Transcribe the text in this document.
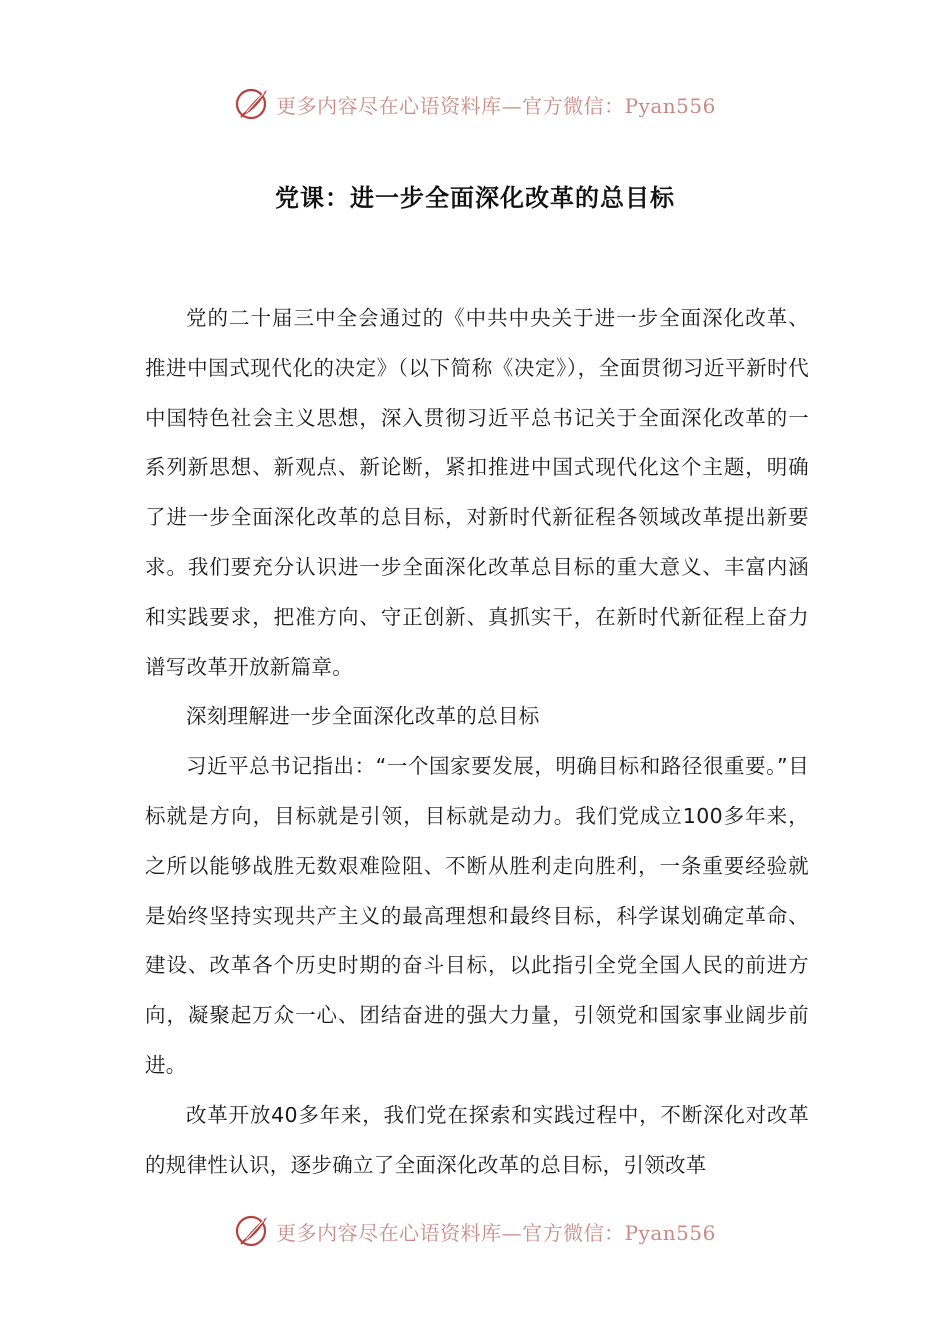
更多内容尽在心语资料库—官方微信：Pyan556
党课：进一步全面深化改革的总目标

党的二十届三中全会通过的《中共中央关于进一步全面深化改革、推进中国式现代化的决定》（以下简称《决定》），全面贯彻习近平新时代中国特色社会主义思想，深入贯彻习近平总书记关于全面深化改革的一系列新思想、新观点、新论断，紧扣推进中国式现代化这个主题，明确了进一步全面深化改革的总目标，对新时代新征程各领域改革提出新要求。我们要充分认识进一步全面深化改革总目标的重大意义、丰富内涵和实践要求，把准方向、守正创新、真抓实干，在新时代新征程上奋力谱写改革开放新篇章。

深刻理解进一步全面深化改革的总目标

习近平总书记指出：“一个国家要发展，明确目标和路径很重要。”目标就是方向，目标就是引领，目标就是动力。我们党成立100多年来，之所以能够战胜无数艰难险阻、不断从胜利走向胜利，一条重要经验就是始终坚持实现共产主义的最高理想和最终目标，科学谋划确定革命、建设、改革各个历史时期的奋斗目标，以此指引全党全国人民的前进方向，凝聚起万众一心、团结奋进的强大力量，引领党和国家事业阔步前进。

改革开放40多年来，我们党在探索和实践过程中，不断深化对改革的规律性认识，逐步确立了全面深化改革的总目标，引领改革

更多内容尽在心语资料库—官方微信：Pyan556
